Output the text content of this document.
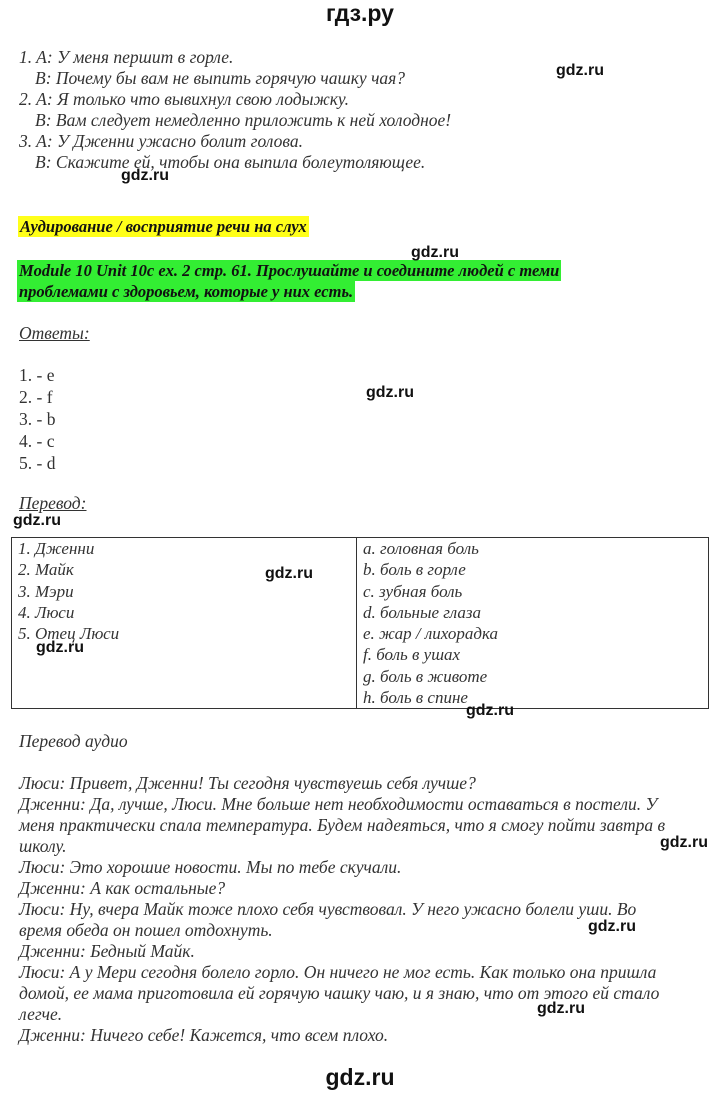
гдз.ру
1. A: У меня першит в горле.
B: Почему бы вам не выпить горячую чашку чая?
2. A: Я только что вывихнул свою лодыжку.
B: Вам следует немедленно приложить к ней холодное!
3. A: У Дженни ужасно болит голова.
B: Скажите ей, чтобы она выпила болеутоляющее.
Аудирование / восприятие речи на слух
Module 10 Unit 10c ex. 2 стр. 61. Прослушайте и соедините людей с теми
проблемами с здоровьем, которые у них есть.
Ответы:
1. - e
2. - f
3. - b
4. - c
5. - d
Перевод:
1. Дженни
2. Майк
3. Мэри
4. Люси
5. Отец Люси

a. головная боль
b. боль в горле
c. зубная боль
d. больные глаза
e. жар / лихорадка
f. боль в ушах
g. боль в животе
h. боль в спине
Перевод аудио
Люси: Привет, Дженни! Ты сегодня чувствуешь себя лучше?
Дженни: Да, лучше, Люси. Мне больше нет необходимости оставаться в постели. У
меня практически спала температура. Будем надеяться, что я смогу пойти завтра в
школу.
Люси: Это хорошие новости. Мы по тебе скучали.
Дженни: А как остальные?
Люси: Ну, вчера Майк тоже плохо себя чувствовал. У него ужасно болели уши. Во
время обеда он пошел отдохнуть.
Дженни: Бедный Майк.
Люси: А у Мери сегодня болело горло. Он ничего не мог есть. Как только она пришла
домой, ее мама приготовила ей горячую чашку чаю, и я знаю, что от этого ей стало
легче.
Дженни: Ничего себе! Кажется, что всем плохо.
gdz.ru
gdz.ru
gdz.ru
gdz.ru
gdz.ru
gdz.ru
gdz.ru
gdz.ru
gdz.ru
gdz.ru
gdz.ru
gdz.ru
